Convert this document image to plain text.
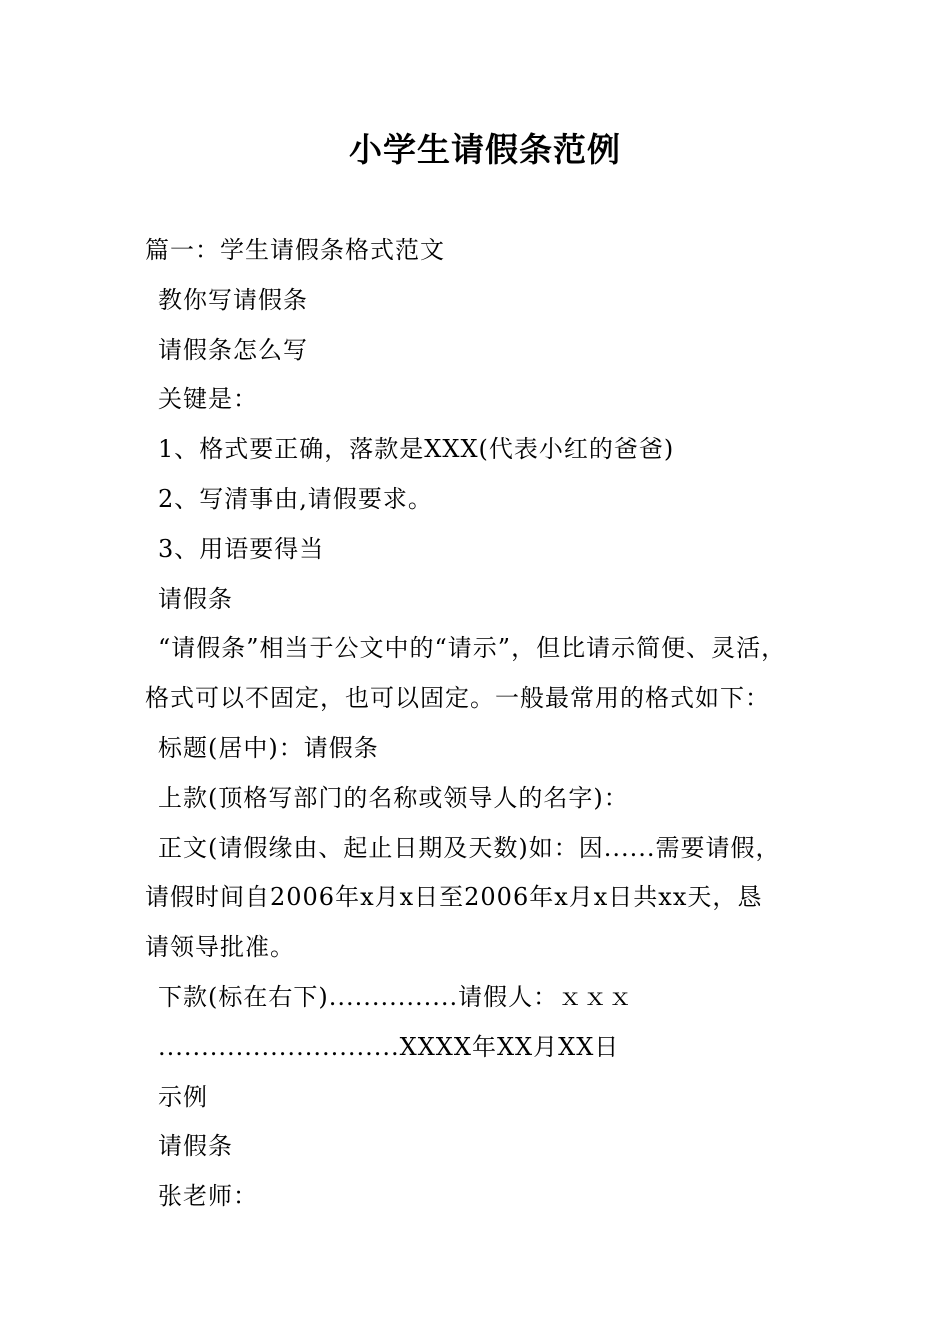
小学生请假条范例
篇一：学生请假条格式范文
教你写请假条
请假条怎么写
关键是：
1、格式要正确，落款是XXX(代表小红的爸爸)
2、写清事由,请假要求。
3、用语要得当
请假条
“请假条”相当于公文中的“请示”，但比请示简便、灵活，
格式可以不固定，也可以固定。一般最常用的格式如下：
标题(居中)：请假条
上款(顶格写部门的名称或领导人的名字)：
正文(请假缘由、起止日期及天数)如：因......需要请假，
请假时间自2006年x月x日至2006年x月x日共xx天，恳
请领导批准。
下款(标在右下)...............请假人：ｘｘｘ
............................XXXX年XX月XX日
示例
请假条
张老师：
